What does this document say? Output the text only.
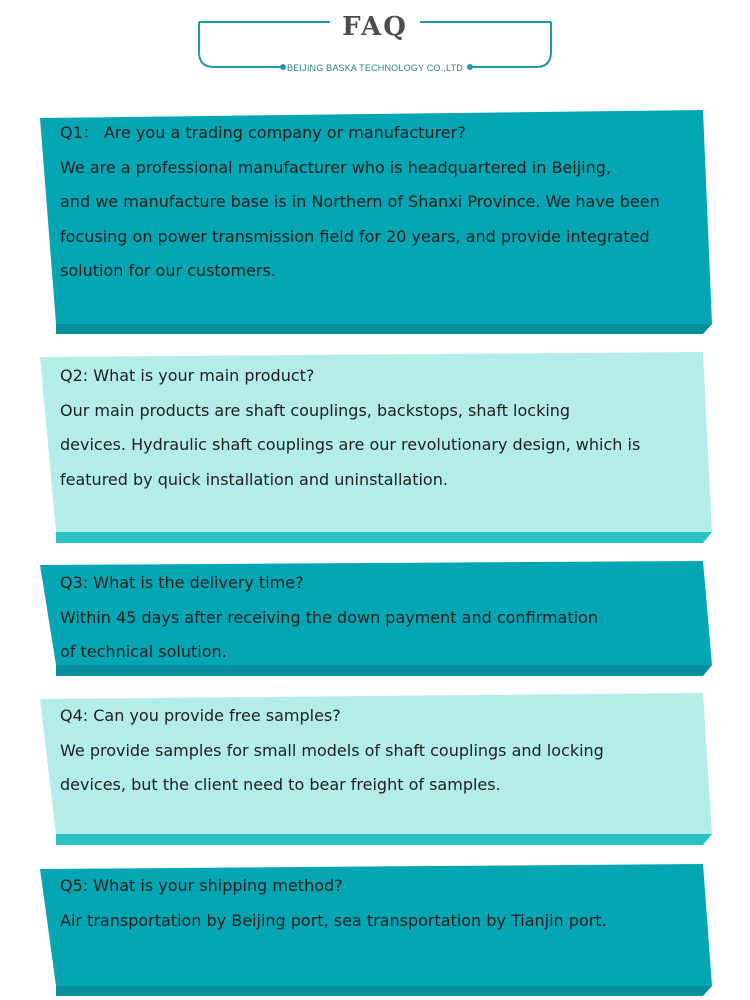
FAQ
BEIJING BASKA TECHNOLOGY CO.,LTD

Q1： Are you a trading company or manufacturer?

We are a professional manufacturer who is headquartered in Beijing,

and we manufacture base is in Northern of Shanxi Province. We have been

focusing on power transmission field for 20 years, and provide integrated

solution for our customers.

Q2: What is your main product?

Our main products are shaft couplings, backstops, shaft locking

devices. Hydraulic shaft couplings are our revolutionary design, which is

featured by quick installation and uninstallation.

Q3: What is the delivery time?

Within 45 days after receiving the down payment and confirmation

of technical solution.

Q4: Can you provide free samples?

We provide samples for small models of shaft couplings and locking

devices, but the client need to bear freight of samples.

Q5: What is your shipping method?

Air transportation by Beijing port, sea transportation by Tianjin port.
